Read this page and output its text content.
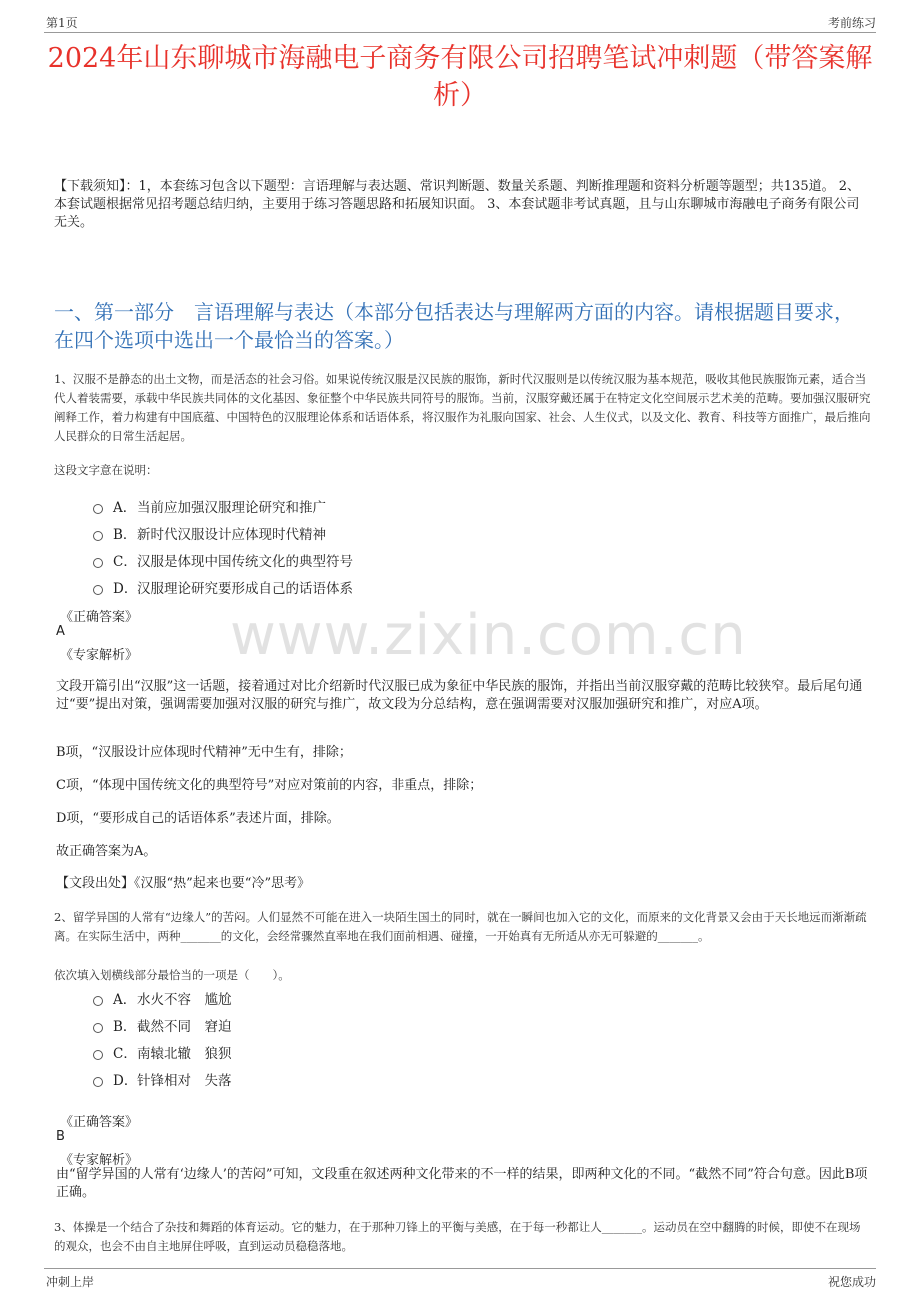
第1页	考前练习
2024年山东聊城市海融电子商务有限公司招聘笔试冲刺题（带答案解析）
【下载须知】：1，本套练习包含以下题型：言语理解与表达题、常识判断题、数量关系题、判断推理题和资料分析题等题型；共135道。 2、本套试题根据常见招考题总结归纳，主要用于练习答题思路和拓展知识面。 3、本套试题非考试真题，且与山东聊城市海融电子商务有限公司无关。
一、第一部分　言语理解与表达（本部分包括表达与理解两方面的内容。请根据题目要求，在四个选项中选出一个最恰当的答案。）
www.zixin.com.cn
1、汉服不是静态的出土文物，而是活态的社会习俗。如果说传统汉服是汉民族的服饰，新时代汉服则是以传统汉服为基本规范，吸收其他民族服饰元素，适合当代人着装需要，承载中华民族共同体的文化基因、象征整个中华民族共同符号的服饰。当前，汉服穿戴还属于在特定文化空间展示艺术美的范畴。要加强汉服研究阐释工作，着力构建有中国底蕴、中国特色的汉服理论体系和话语体系，将汉服作为礼服向国家、社会、人生仪式，以及文化、教育、科技等方面推广，最后推向人民群众的日常生活起居。
这段文字意在说明：
A． 当前应加强汉服理论研究和推广
B． 新时代汉服设计应体现时代精神
C． 汉服是体现中国传统文化的典型符号
D． 汉服理论研究要形成自己的话语体系
《正确答案》
A
《专家解析》
文段开篇引出“汉服”这一话题，接着通过对比介绍新时代汉服已成为象征中华民族的服饰，并指出当前汉服穿戴的范畴比较狭窄。最后尾句通过“要”提出对策，强调需要加强对汉服的研究与推广，故文段为分总结构，意在强调需要对汉服加强研究和推广，对应A项。
B项，“汉服设计应体现时代精神”无中生有，排除；
C项，“体现中国传统文化的典型符号”对应对策前的内容，非重点，排除；
D项，“要形成自己的话语体系”表述片面，排除。
故正确答案为A。
【文段出处】《汉服“热”起来也要“冷”思考》
2、留学异国的人常有“边缘人”的苦闷。人们显然不可能在进入一块陌生国土的同时，就在一瞬间也加入它的文化，而原来的文化背景又会由于天长地远而渐渐疏离。在实际生活中，两种_______的文化，会经常骤然直率地在我们面前相遇、碰撞，一开始真有无所适从亦无可躲避的_______。
依次填入划横线部分最恰当的一项是（　　）。
A． 水火不容　尴尬
B． 截然不同　窘迫
C． 南辕北辙　狼狈
D． 针锋相对　失落
《正确答案》
B
《专家解析》
由“留学异国的人常有‘边缘人’的苦闷”可知，文段重在叙述两种文化带来的不一样的结果，即两种文化的不同。“截然不同”符合句意。因此B项正确。
3、体操是一个结合了杂技和舞蹈的体育运动。它的魅力，在于那种刀锋上的平衡与美感，在于每一秒都让人_______。运动员在空中翻腾的时候，即使不在现场的观众，也会不由自主地屏住呼吸，直到运动员稳稳落地。
冲刺上岸	祝您成功
